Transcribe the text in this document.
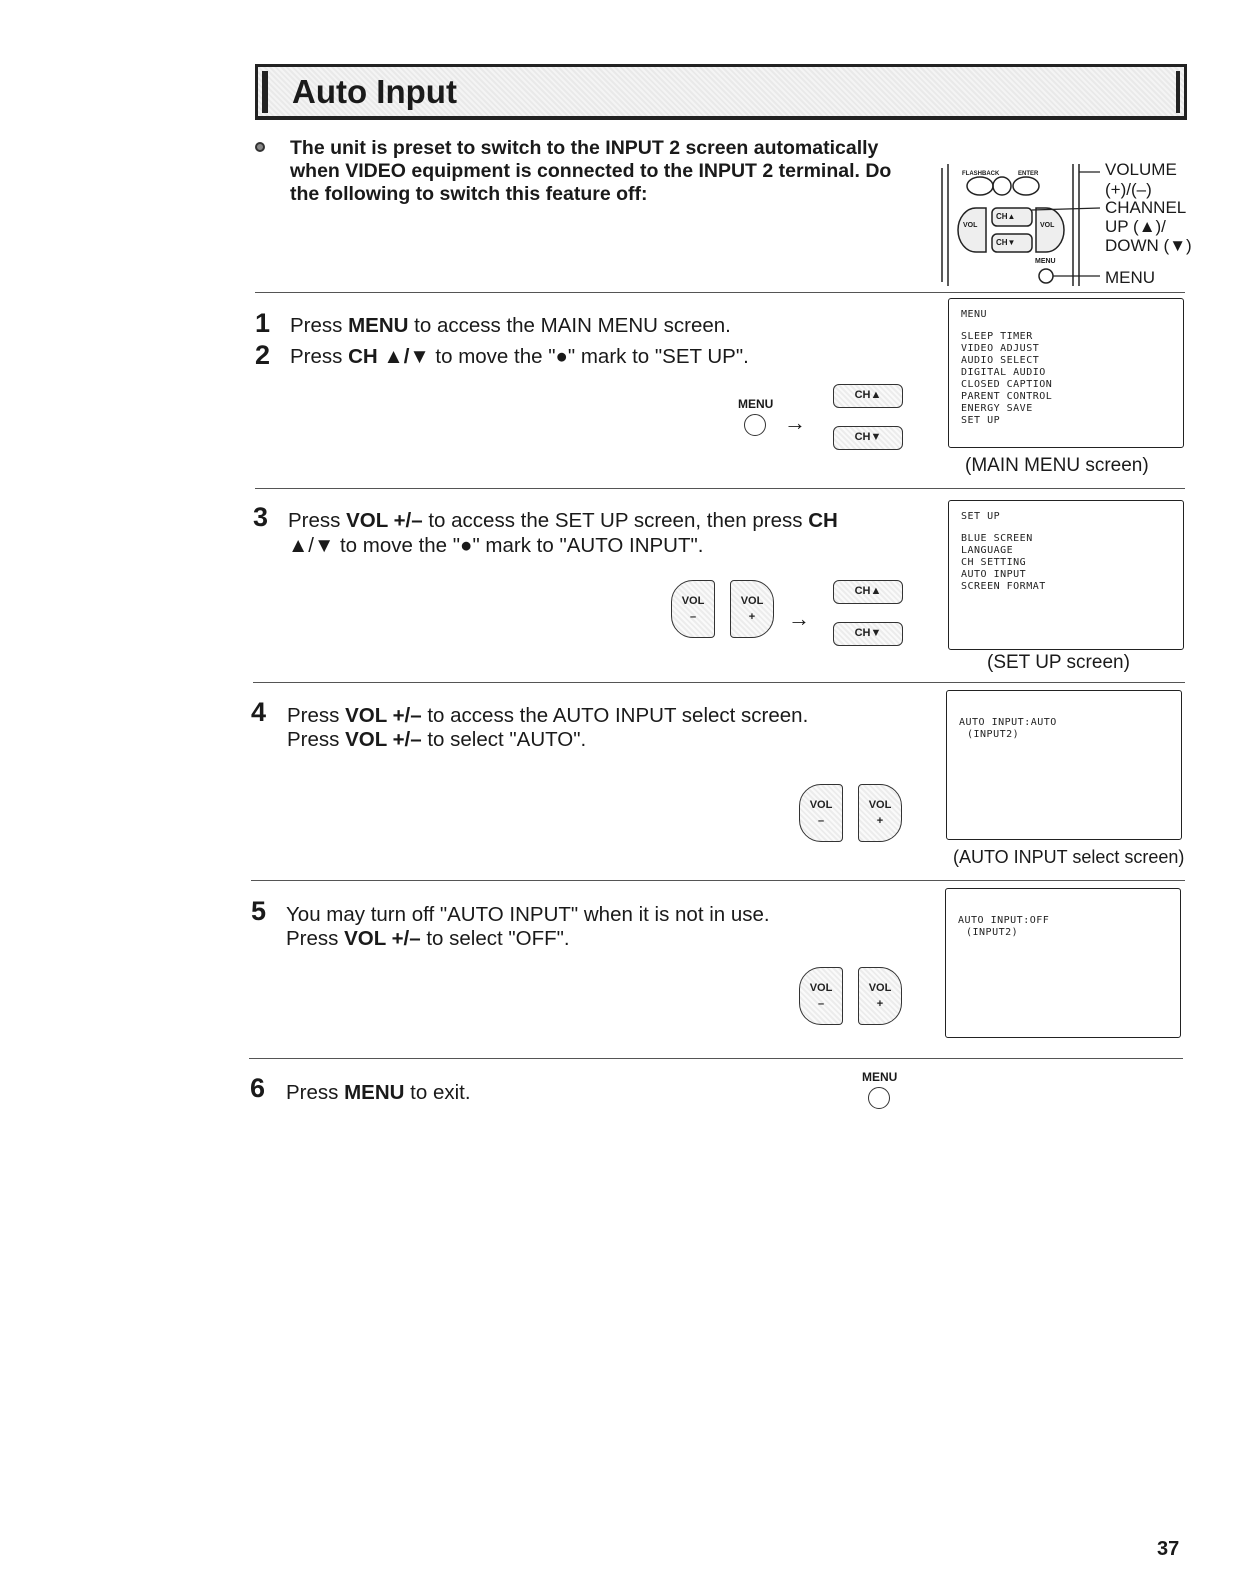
Auto Input
The unit is preset to switch to the INPUT 2 screen automatically when VIDEO equipment is connected to the INPUT 2 terminal. Do the following to switch this feature off:
FLASHBACK	ENTER
CH▲
CH▼
VOL	VOL
MENU
VOLUME
(+)/(–)
CHANNEL
UP (▲)/
DOWN (▼)
MENU
1 Press MENU to access the MAIN MENU screen.
2 Press CH ▲/▼ to move the "●" mark to "SET UP".
MENU
→
CH▲
CH▼
MENU
SLEEP TIMER
VIDEO ADJUST
AUDIO SELECT
DIGITAL AUDIO
CLOSED CAPTION
PARENT CONTROL
ENERGY SAVE
SET UP
(MAIN MENU screen)
3 Press VOL +/– to access the SET UP screen, then press CH
▲/▼ to move the "●" mark to "AUTO INPUT".
VOL
–
VOL
+	→
CH▲
CH▼
SET UP
BLUE SCREEN
LANGUAGE
CH SETTING
AUTO INPUT
SCREEN FORMAT
(SET UP screen)
4 Press VOL +/– to access the AUTO INPUT select screen.
Press VOL +/– to select "AUTO".
VOL
–
VOL
+
AUTO INPUT:AUTO
(INPUT2)
(AUTO INPUT select screen)
5 You may turn off "AUTO INPUT" when it is not in use.
Press VOL +/– to select "OFF".
VOL
–
VOL
+
AUTO INPUT:OFF
(INPUT2)
6 Press MENU to exit.
MENU
37
